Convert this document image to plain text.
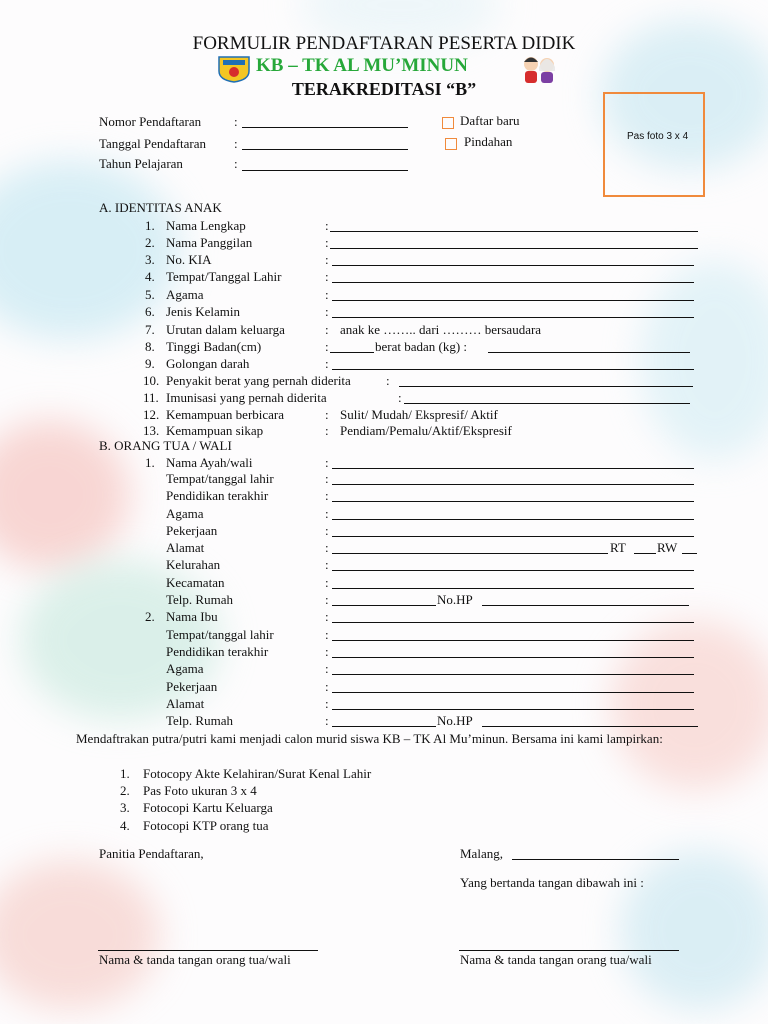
FORMULIR PENDAFTARAN PESERTA DIDIK
KB – TK AL MU’MINUN
TERAKREDITASI “B”
Pas foto 3 x 4
Nomor Pendaftaran	:
Tanggal Pendaftaran :
Tahun Pelajaran	:
Daftar baru
Pindahan
A. IDENTITAS ANAK
1. Nama Lengkap	:
2. Nama Panggilan	:
3. No. KIA	:
4. Tempat/Tanggal Lahir	:
5. Agama	:
6. Jenis Kelamin	:
7. Urutan dalam keluarga	: anak ke …….. dari ……… bersaudara
8. Tinggi Badan(cm)	:	berat badan (kg) :
9. Golongan darah	:
10. Penyakit berat yang pernah diderita	:
11. Imunisasi yang pernah diderita	:
12. Kemampuan berbicara	: Sulit/ Mudah/ Ekspresif/ Aktif
13. Kemampuan sikap	: Pendiam/Pemalu/Aktif/Ekspresif
B. ORANG TUA / WALI
1. Nama Ayah/wali	:
Tempat/tanggal lahir	:
Pendidikan terakhir	:
Agama	:
Pekerjaan	:
Alamat	:	RT RW
Kelurahan	:
Kecamatan	:
Telp. Rumah	:	No.HP
2. Nama Ibu	:
Tempat/tanggal lahir	:
Pendidikan terakhir	:
Agama	:
Pekerjaan	:
Alamat	:
Telp. Rumah	:	No.HP
Mendaftrakan putra/putri kami menjadi calon murid siswa KB – TK Al Mu’minun. Bersama ini kami lampirkan:
1. Fotocopy Akte Kelahiran/Surat Kenal Lahir
2. Pas Foto ukuran 3 x 4
3. Fotocopi Kartu Keluarga
4. Fotocopi KTP orang tua
Panitia Pendaftaran,	Malang,
Yang bertanda tangan dibawah ini :
Nama & tanda tangan orang tua/wali	Nama & tanda tangan orang tua/wali
